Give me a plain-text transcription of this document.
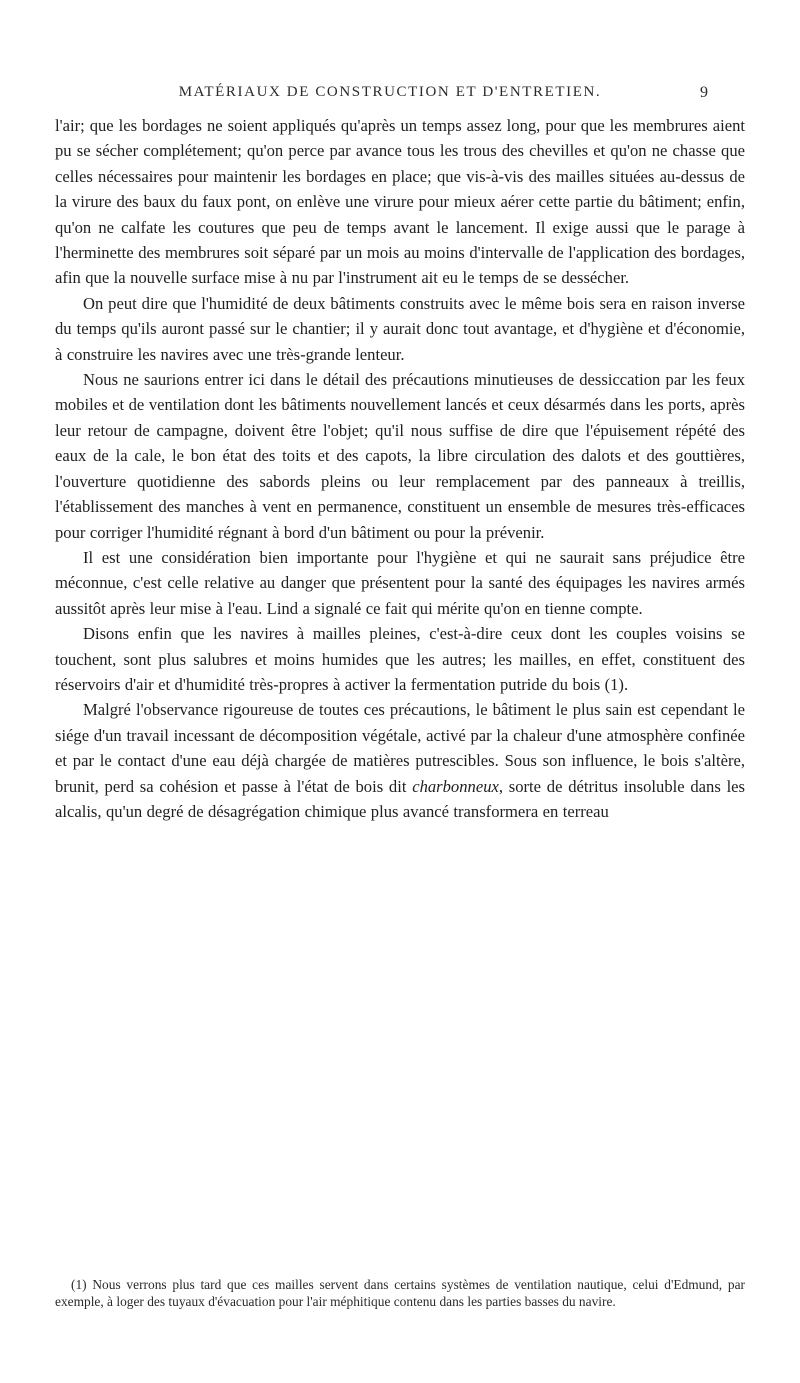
MATÉRIAUX DE CONSTRUCTION ET D'ENTRETIEN.	9

l'air; que les bordages ne soient appliqués qu'après un temps assez long, pour que les membrures aient pu se sécher complétement; qu'on perce par avance tous les trous des chevilles et qu'on ne chasse que celles nécessaires pour maintenir les bordages en place; que vis-à-vis des mailles situées au-dessus de la virure des baux du faux pont, on enlève une virure pour mieux aérer cette partie du bâtiment; enfin, qu'on ne calfate les coutures que peu de temps avant le lancement. Il exige aussi que le parage à l'herminette des membrures soit séparé par un mois au moins d'intervalle de l'application des bordages, afin que la nouvelle surface mise à nu par l'instrument ait eu le temps de se dessécher.

On peut dire que l'humidité de deux bâtiments construits avec le même bois sera en raison inverse du temps qu'ils auront passé sur le chantier; il y aurait donc tout avantage, et d'hygiène et d'économie, à construire les navires avec une très-grande lenteur.

Nous ne saurions entrer ici dans le détail des précautions minutieuses de dessiccation par les feux mobiles et de ventilation dont les bâtiments nouvellement lancés et ceux désarmés dans les ports, après leur retour de campagne, doivent être l'objet; qu'il nous suffise de dire que l'épuisement répété des eaux de la cale, le bon état des toits et des capots, la libre circulation des dalots et des gouttières, l'ouverture quotidienne des sabords pleins ou leur remplacement par des panneaux à treillis, l'établissement des manches à vent en permanence, constituent un ensemble de mesures très-efficaces pour corriger l'humidité régnant à bord d'un bâtiment ou pour la prévenir.

Il est une considération bien importante pour l'hygiène et qui ne saurait sans préjudice être méconnue, c'est celle relative au danger que présentent pour la santé des équipages les navires armés aussitôt après leur mise à l'eau. Lind a signalé ce fait qui mérite qu'on en tienne compte.

Disons enfin que les navires à mailles pleines, c'est-à-dire ceux dont les couples voisins se touchent, sont plus salubres et moins humides que les autres; les mailles, en effet, constituent des réservoirs d'air et d'humidité très-propres à activer la fermentation putride du bois (1).

Malgré l'observance rigoureuse de toutes ces précautions, le bâtiment le plus sain est cependant le siége d'un travail incessant de décomposition végétale, activé par la chaleur d'une atmosphère confinée et par le contact d'une eau déjà chargée de matières putrescibles. Sous son influence, le bois s'altère, brunit, perd sa cohésion et passe à l'état de bois dit charbonneux, sorte de détritus insoluble dans les alcalis, qu'un degré de désagrégation chimique plus avancé transformera en terreau

(1) Nous verrons plus tard que ces mailles servent dans certains systèmes de ventilation nautique, celui d'Edmund, par exemple, à loger des tuyaux d'évacuation pour l'air méphitique contenu dans les parties basses du navire.
